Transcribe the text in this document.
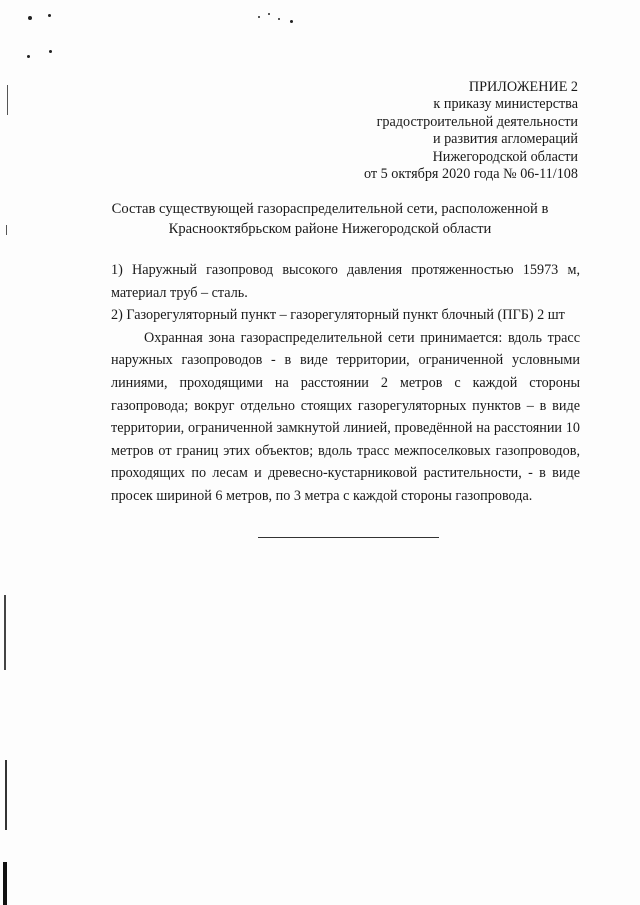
ПРИЛОЖЕНИЕ 2
к приказу министерства
градостроительной деятельности
и развития агломераций
Нижегородской области
от 5 октября 2020 года № 06-11/108
Состав существующей газораспределительной сети, расположенной в
Краснооктябрьском районе Нижегородской области

1) Наружный газопровод высокого давления протяженностью 15973 м,

материал труб – сталь.

2) Газорегуляторный пункт – газорегуляторный пункт блочный (ПГБ) 2 шт

Охранная зона газораспределительной сети принимается: вдоль трасс наружных газопроводов - в виде территории, ограниченной условными линиями, проходящими на расстоянии 2 метров с каждой стороны газопровода; вокруг отдельно стоящих газорегуляторных пунктов – в виде территории, ограниченной замкнутой линией, проведённой на расстоянии 10 метров от границ этих объектов; вдоль трасс межпоселковых газопроводов, проходящих по лесам и древесно-кустарниковой растительности, - в виде просек шириной 6 метров, по 3 метра с каждой стороны газопровода.
